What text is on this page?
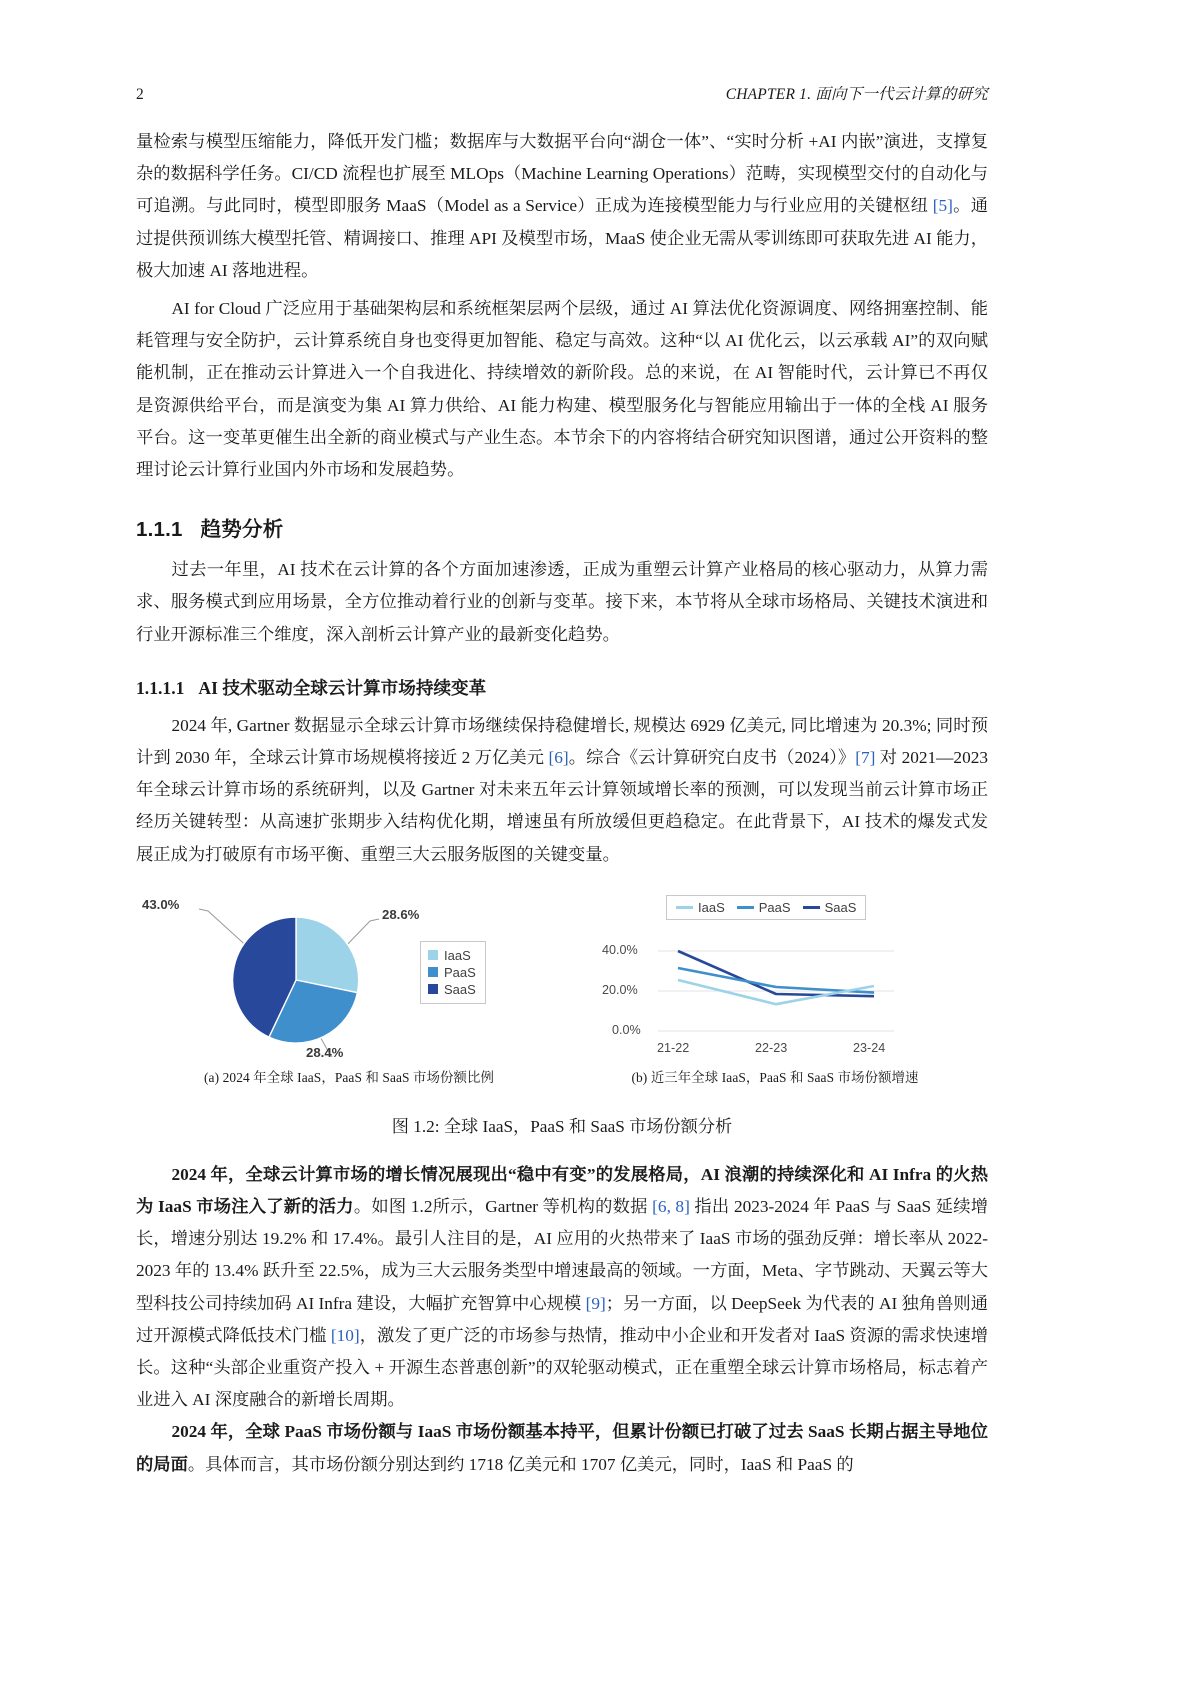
2	CHAPTER 1. 面向下一代云计算的研究

量检索与模型压缩能力，降低开发门槛；数据库与大数据平台向“湖仓一体”、“实时分析 +AI 内嵌”演进，支撑复杂的数据科学任务。CI/CD 流程也扩展至 MLOps（Machine Learning Operations）范畴，实现模型交付的自动化与可追溯。与此同时，模型即服务 MaaS（Model as a Service）正成为连接模型能力与行业应用的关键枢纽 [5]。通过提供预训练大模型托管、精调接口、推理 API 及模型市场，MaaS 使企业无需从零训练即可获取先进 AI 能力，极大加速 AI 落地进程。

AI for Cloud 广泛应用于基础架构层和系统框架层两个层级，通过 AI 算法优化资源调度、网络拥塞控制、能耗管理与安全防护，云计算系统自身也变得更加智能、稳定与高效。这种“以 AI 优化云，以云承载 AI”的双向赋能机制，正在推动云计算进入一个自我进化、持续增效的新阶段。总的来说，在 AI 智能时代，云计算已不再仅是资源供给平台，而是演变为集 AI 算力供给、AI 能力构建、模型服务化与智能应用输出于一体的全栈 AI 服务平台。这一变革更催生出全新的商业模式与产业生态。本节余下的内容将结合研究知识图谱，通过公开资料的整理讨论云计算行业国内外市场和发展趋势。

1.1.1 趋势分析

过去一年里，AI 技术在云计算的各个方面加速渗透，正成为重塑云计算产业格局的核心驱动力，从算力需求、服务模式到应用场景，全方位推动着行业的创新与变革。接下来，本节将从全球市场格局、关键技术演进和行业开源标准三个维度，深入剖析云计算产业的最新变化趋势。

1.1.1.1 AI 技术驱动全球云计算市场持续变革

2024 年, Gartner 数据显示全球云计算市场继续保持稳健增长, 规模达 6929 亿美元, 同比增速为 20.3%; 同时预计到 2030 年，全球云计算市场规模将接近 2 万亿美元 [6]。综合《云计算研究白皮书（2024）》[7] 对 2021—2023 年全球云计算市场的系统研判，以及 Gartner 对未来五年云计算领域增长率的预测，可以发现当前云计算市场正经历关键转型：从高速扩张期步入结构优化期，增速虽有所放缓但更趋稳定。在此背景下，AI 技术的爆发式发展正成为打破原有市场平衡、重塑三大云服务版图的关键变量。

43.0%
28.6%
28.4%
IaaS
PaaS
SaaS
(a) 2024 年全球 IaaS，PaaS 和 SaaS 市场份额比例
IaaS	PaaS	SaaS
40.0%
20.0%
0.0%
21-22	22-23	23-24
(b) 近三年全球 IaaS，PaaS 和 SaaS 市场份额增速
图 1.2: 全球 IaaS，PaaS 和 SaaS 市场份额分析

2024 年，全球云计算市场的增长情况展现出“稳中有变”的发展格局，AI 浪潮的持续深化和 AI Infra 的火热为 IaaS 市场注入了新的活力。如图 1.2所示，Gartner 等机构的数据 [6, 8] 指出 2023-2024 年 PaaS 与 SaaS 延续增长，增速分别达 19.2% 和 17.4%。最引人注目的是，AI 应用的火热带来了 IaaS 市场的强劲反弹：增长率从 2022-2023 年的 13.4% 跃升至 22.5%，成为三大云服务类型中增速最高的领域。一方面，Meta、字节跳动、天翼云等大型科技公司持续加码 AI Infra 建设，大幅扩充智算中心规模 [9]；另一方面，以 DeepSeek 为代表的 AI 独角兽则通过开源模式降低技术门槛 [10]，激发了更广泛的市场参与热情，推动中小企业和开发者对 IaaS 资源的需求快速增长。这种“头部企业重资产投入 + 开源生态普惠创新”的双轮驱动模式，正在重塑全球云计算市场格局，标志着产业进入 AI 深度融合的新增长周期。

2024 年，全球 PaaS 市场份额与 IaaS 市场份额基本持平，但累计份额已打破了过去 SaaS 长期占据主导地位的局面。具体而言，其市场份额分别达到约 1718 亿美元和 1707 亿美元，同时，IaaS 和 PaaS 的
